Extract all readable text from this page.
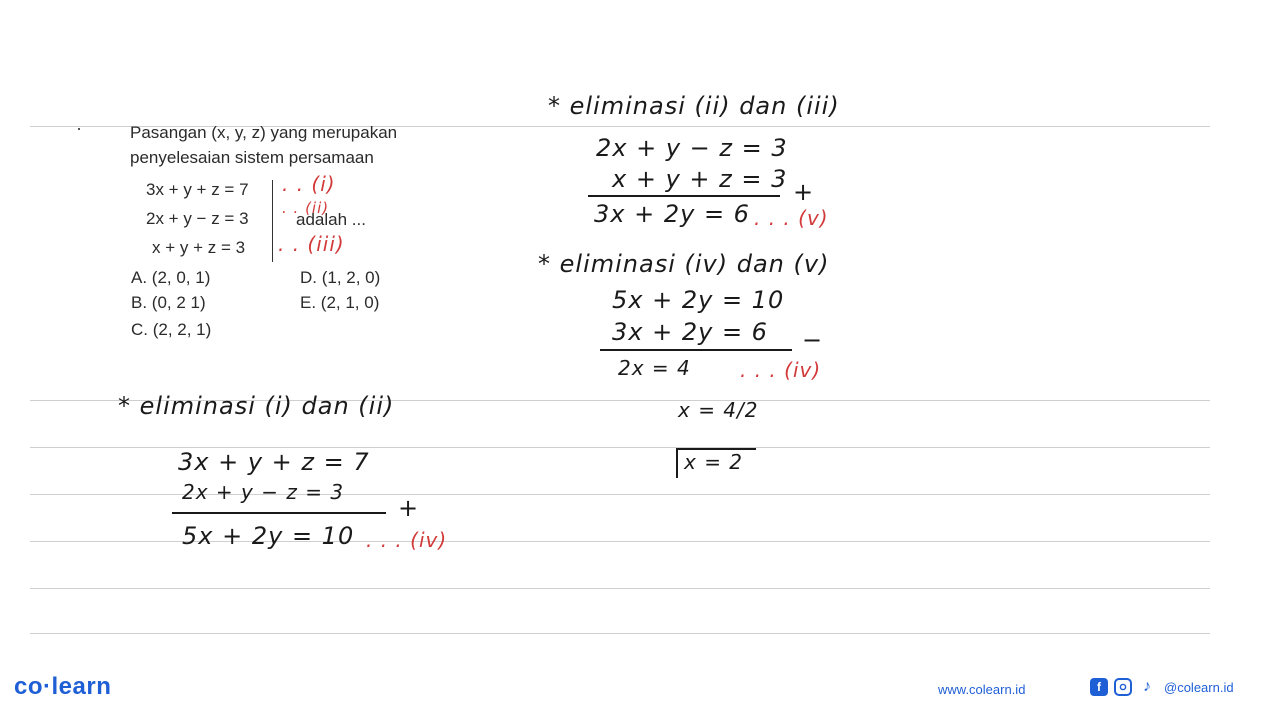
Pasangan (x, y, z) yang merupakan
penyelesaian sistem persamaan
3x + y + z = 7
2x + y − z = 3
x + y + z = 3
adalah ...
. . (i)
. . (ii)
. . (iii)
A. (2, 0, 1)
B. (0, 2 1)
C. (2, 2, 1)
D. (1, 2, 0)
E. (2, 1, 0)
* eliminasi (i) dan (ii)
3x + y + z = 7
2x + y − z = 3
+
5x + 2y = 10 . . . (iv)
* eliminasi (ii) dan (iii)
2x + y − z = 3
x + y + z = 3 +
3x + 2y = 6 . . . (v)
* eliminasi (iv) dan (v)
5x + 2y = 10
3x + 2y = 6 −
2x = 4 . . . (iv)
x = 4/2
x = 2
co·learn	www.colearn.id	f	♪	@colearn.id
